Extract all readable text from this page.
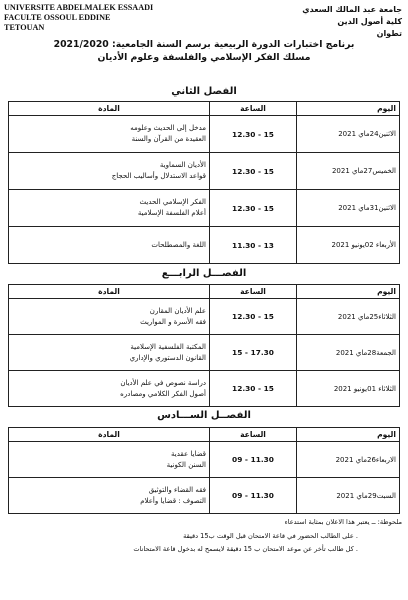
UNIVERSITE ABDELMALEK ESSAADI
FACULTE OSSOUL EDDINE
TETOUAN
جامعة عبد المالك السعدي
كلية أصول الدين
تطوان
برنامج اختبارات الدورة الربيعية برسم السنة الجامعية: 2021/2020
مسلك الفكر الإسلامي والفلسفة وعلوم الأديان
الفصل الثاني
اليوم	الساعة	المادة
الاثنين24ماي 2021	15 - 12.30	مدخل إلى الحديث وعلومه
العقيدة من القرآن والسنة

الخميس27ماي 2021	15 - 12.30	الأديان السماوية
قواعد الاستدلال وأساليب الحجاج

الاثنين31ماي 2021	15 - 12.30	الفكر الإسلامي الحديث
أعلام الفلسفة الإسلامية

الأربعاء 02يونيو 2021	13 - 11.30	اللغة والمصطلحات
الفصـــل الرابـــع
اليوم	الساعة	المادة
الثلاثاء25ماي 2021	15 - 12.30	علم الأديان المقارن
فقه الأسرة و المواريث

الجمعة28ماي 2021	17.30 - 15	المكتبة الفلسفية الإسلامية
القانون الدستوري والإداري

الثلاثاء 01يونيو 2021	15 - 12.30	دراسة نصوص في علم الأديان
أصول الفكر الكلامي ومصادره
الفصــل الســـادس
اليوم	الساعة	المادة
الاربعاء26ماي 2021	11.30 - 09	قضايا عقدية
السنن الكونية

السبت29ماي 2021	11.30 - 09	فقه القضاء والتوثيق
التصوف : قضايا وأعلام
ملحوظة: ــ يعتبر هذا الاعلان بمثابة استدعاء
. على الطالب الحضور في قاعة الامتحان قبل الوقت ب15 دقيقة
. كل طالب تأخر عن موعد الامتحان ب 15 دقيقة لايسمح له بدخول قاعة الامتحانات
